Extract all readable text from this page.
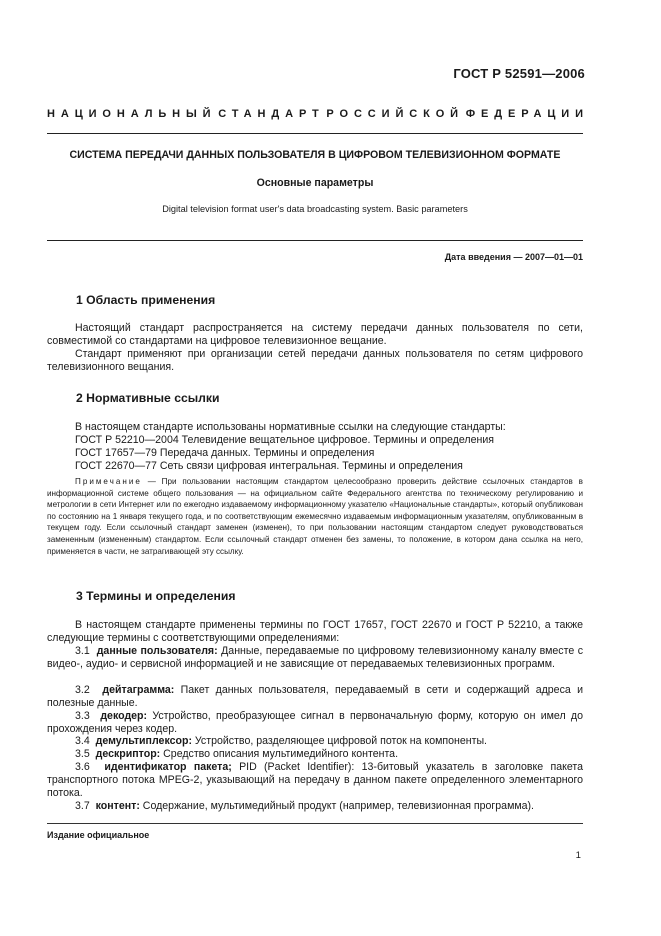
ГОСТ Р 52591—2006
НАЦИОНАЛЬНЫЙ СТАНДАРТ РОССИЙСКОЙ ФЕДЕРАЦИИ
СИСТЕМА ПЕРЕДАЧИ ДАННЫХ ПОЛЬЗОВАТЕЛЯ В ЦИФРОВОМ ТЕЛЕВИЗИОННОМ ФОРМАТЕ
Основные параметры
Digital television format user's data broadcasting system. Basic parameters
Дата введения — 2007—01—01
1 Область применения
Настоящий стандарт распространяется на систему передачи данных пользователя по сети, совместимой со стандартами на цифровое телевизионное вещание.
Стандарт применяют при организации сетей передачи данных пользователя по сетям цифрового телевизионного вещания.
2 Нормативные ссылки
В настоящем стандарте использованы нормативные ссылки на следующие стандарты:
ГОСТ Р 52210—2004 Телевидение вещательное цифровое. Термины и определения
ГОСТ 17657—79 Передача данных. Термины и определения
ГОСТ 22670—77 Сеть связи цифровая интегральная. Термины и определения
Примечание — При пользовании настоящим стандартом целесообразно проверить действие ссылочных стандартов в информационной системе общего пользования — на официальном сайте Федерального агентства по техническому регулированию и метрологии в сети Интернет или по ежегодно издаваемому информационному указателю «Национальные стандарты», который опубликован по состоянию на 1 января текущего года, и по соответствующим ежемесячно издаваемым информационным указателям, опубликованным в текущем году. Если ссылочный стандарт заменен (изменен), то при пользовании настоящим стандартом следует руководствоваться замененным (измененным) стандартом. Если ссылочный стандарт отменен без замены, то положение, в котором дана ссылка на него, применяется в части, не затрагивающей эту ссылку.
3 Термины и определения
В настоящем стандарте применены термины по ГОСТ 17657, ГОСТ 22670 и ГОСТ Р 52210, а также следующие термины с соответствующими определениями:
3.1 данные пользователя: Данные, передаваемые по цифровому телевизионному каналу вместе с видео-, аудио- и сервисной информацией и не зависящие от передаваемых телевизионных программ.
3.2 дейтаграмма: Пакет данных пользователя, передаваемый в сети и содержащий адреса и полезные данные.
3.3 декодер: Устройство, преобразующее сигнал в первоначальную форму, которую он имел до прохождения через кодер.
3.4 демультиплексор: Устройство, разделяющее цифровой поток на компоненты.
3.5 дескриптор: Средство описания мультимедийного контента.
3.6 идентификатор пакета; PID (Packet Identifier): 13-битовый указатель в заголовке пакета транспортного потока MPEG-2, указывающий на передачу в данном пакете определенного элементарного потока.
3.7 контент: Содержание, мультимедийный продукт (например, телевизионная программа).
Издание официальное
1
